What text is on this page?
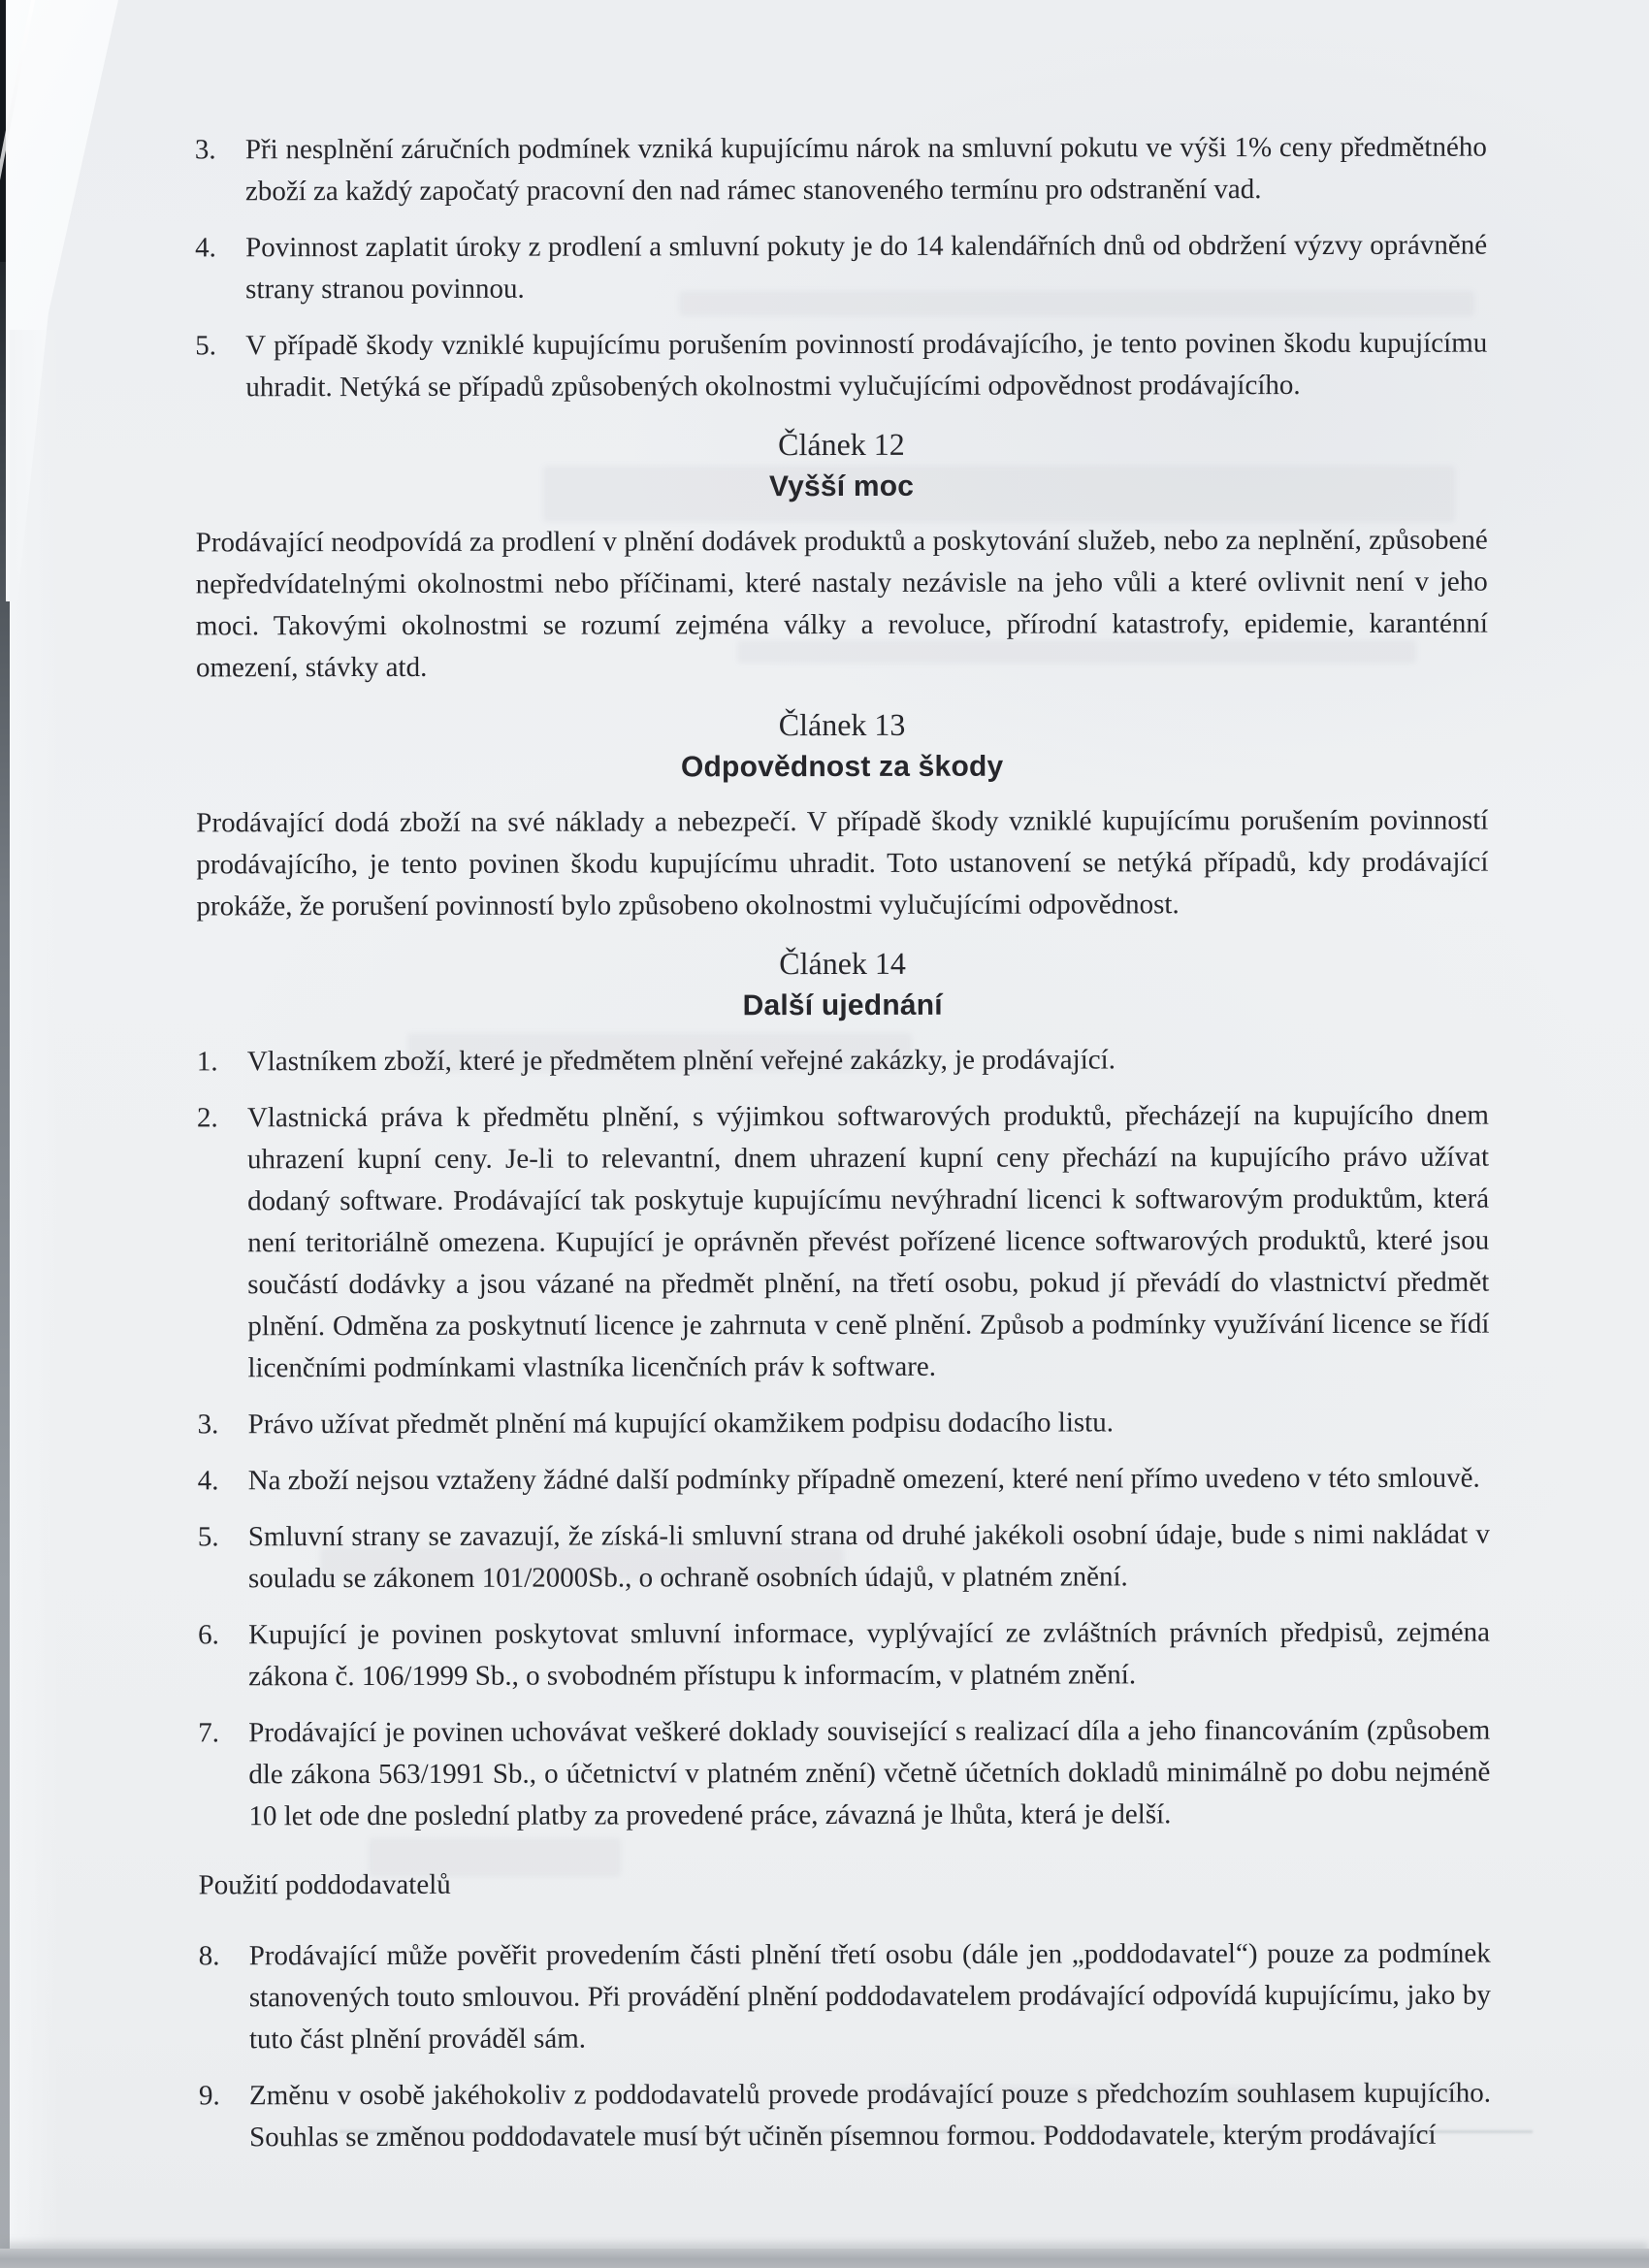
3.	Při nesplnění záručních podmínek vzniká kupujícímu nárok na smluvní pokutu ve výši 1% ceny předmětného zboží za každý započatý pracovní den nad rámec stanoveného termínu pro odstranění vad.
4.	Povinnost zaplatit úroky z prodlení a smluvní pokuty je do 14 kalendářních dnů od obdržení výzvy oprávněné strany stranou povinnou.
5.	V případě škody vzniklé kupujícímu porušením povinností prodávajícího, je tento povinen škodu kupujícímu uhradit. Netýká se případů způsobených okolnostmi vylučujícími odpovědnost prodávajícího.
Článek 12
Vyšší moc

Prodávající neodpovídá za prodlení v plnění dodávek produktů a poskytování služeb, nebo za neplnění, způsobené nepředvídatelnými okolnostmi nebo příčinami, které nastaly nezávisle na jeho vůli a které ovlivnit není v jeho moci. Takovými okolnostmi se rozumí zejména války a revoluce, přírodní katastrofy, epidemie, karanténní omezení, stávky atd.

Článek 13
Odpovědnost za škody

Prodávající dodá zboží na své náklady a nebezpečí. V případě škody vzniklé kupujícímu porušením povinností prodávajícího, je tento povinen škodu kupujícímu uhradit. Toto ustanovení se netýká případů, kdy prodávající prokáže, že porušení povinností bylo způsobeno okolnostmi vylučujícími odpovědnost.

Článek 14
Další ujednání
1.	Vlastníkem zboží, které je předmětem plnění veřejné zakázky, je prodávající.
2.	Vlastnická práva k předmětu plnění, s výjimkou softwarových produktů, přecházejí na kupujícího dnem uhrazení kupní ceny. Je-li to relevantní, dnem uhrazení kupní ceny přechází na kupujícího právo užívat dodaný software. Prodávající tak poskytuje kupujícímu nevýhradní licenci k softwarovým produktům, která není teritoriálně omezena. Kupující je oprávněn převést pořízené licence softwarových produktů, které jsou součástí dodávky a jsou vázané na předmět plnění, na třetí osobu, pokud jí převádí do vlastnictví předmět plnění. Odměna za poskytnutí licence je zahrnuta v ceně plnění. Způsob a podmínky využívání licence se řídí licenčními podmínkami vlastníka licenčních práv k software.
3.	Právo užívat předmět plnění má kupující okamžikem podpisu dodacího listu.
4.	Na zboží nejsou vztaženy žádné další podmínky případně omezení, které není přímo uvedeno v této smlouvě.
5.	Smluvní strany se zavazují, že získá-li smluvní strana od druhé jakékoli osobní údaje, bude s nimi nakládat v souladu se zákonem 101/2000Sb., o ochraně osobních údajů, v platném znění.
6.	Kupující je povinen poskytovat smluvní informace, vyplývající ze zvláštních právních předpisů, zejména zákona č. 106/1999 Sb., o svobodném přístupu k informacím, v platném znění.
7.	Prodávající je povinen uchovávat veškeré doklady související s realizací díla a jeho financováním (způsobem dle zákona 563/1991 Sb., o účetnictví v platném znění) včetně účetních dokladů minimálně po dobu nejméně 10 let ode dne poslední platby za provedené práce, závazná je lhůta, která je delší.
Použití poddodavatelů
8.	Prodávající může pověřit provedením části plnění třetí osobu (dále jen „poddodavatel“) pouze za podmínek stanovených touto smlouvou. Při provádění plnění poddodavatelem prodávající odpovídá kupujícímu, jako by tuto část plnění prováděl sám.
9.	Změnu v osobě jakéhokoliv z poddodavatelů provede prodávající pouze s předchozím souhlasem kupujícího. Souhlas se změnou poddodavatele musí být učiněn písemnou formou. Poddodavatele, kterým prodávající
